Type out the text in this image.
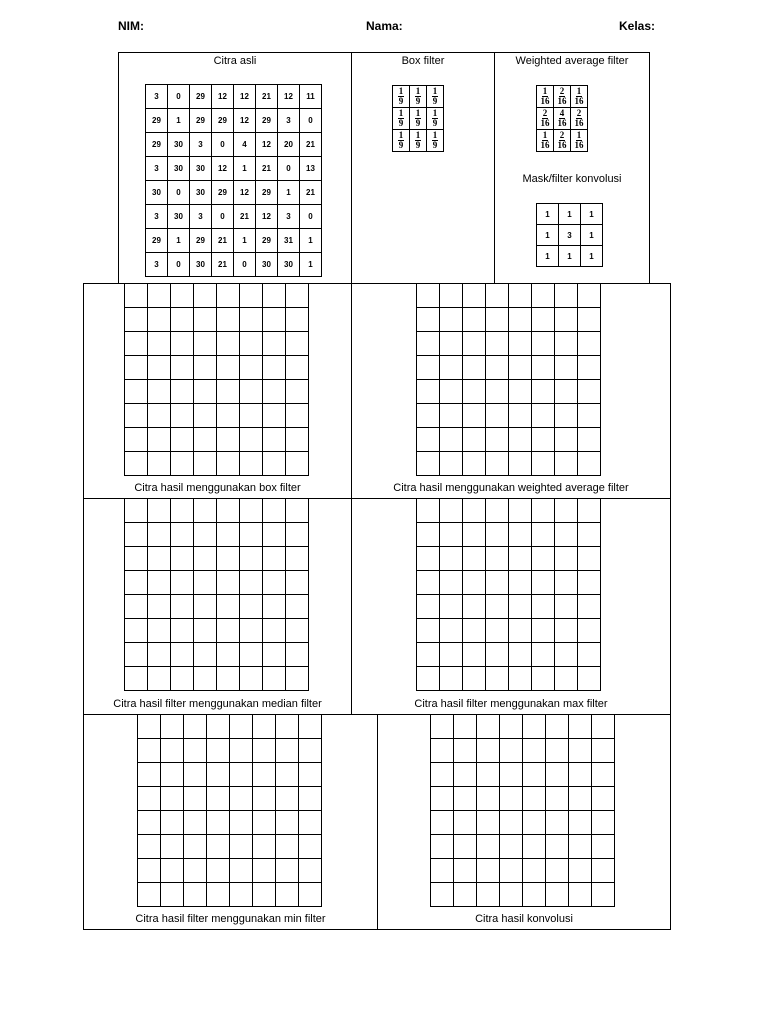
NIM:	Nama:	Kelas:
Citra asli	Box filter	Weighted average filter
Mask/filter konvolusi
3	0	29	12	12	21	12	11
29	1	29	29	12	29	3	0
29	30	3	0	4	12	20	21
3	30	30	12	1	21	0	13
30	0	30	29	12	29	1	21
3	30	3	0	21	12	3	0
29	1	29	21	1	29	31	1
3	0	30	21	0	30	30	1
$\frac{1}{9}$	$\frac{1}{9}$	$\frac{1}{9}$

$\frac{1}{9}$	$\frac{1}{9}$	$\frac{1}{9}$

$\frac{1}{9}$	$\frac{1}{9}$	$\frac{1}{9}$
$\frac{1}{16}$	$\frac{2}{16}$	$\frac{1}{16}$

$\frac{2}{16}$	$\frac{4}{16}$	$\frac{2}{16}$

$\frac{1}{16}$	$\frac{2}{16}$	$\frac{1}{16}$
1	1	1
1	3	1
1	1	1

Citra hasil menggunakan box filter	Citra hasil menggunakan weighted average filter
Citra hasil filter menggunakan median filter	Citra hasil filter menggunakan max filter
Citra hasil filter menggunakan min filter	Citra hasil konvolusi
